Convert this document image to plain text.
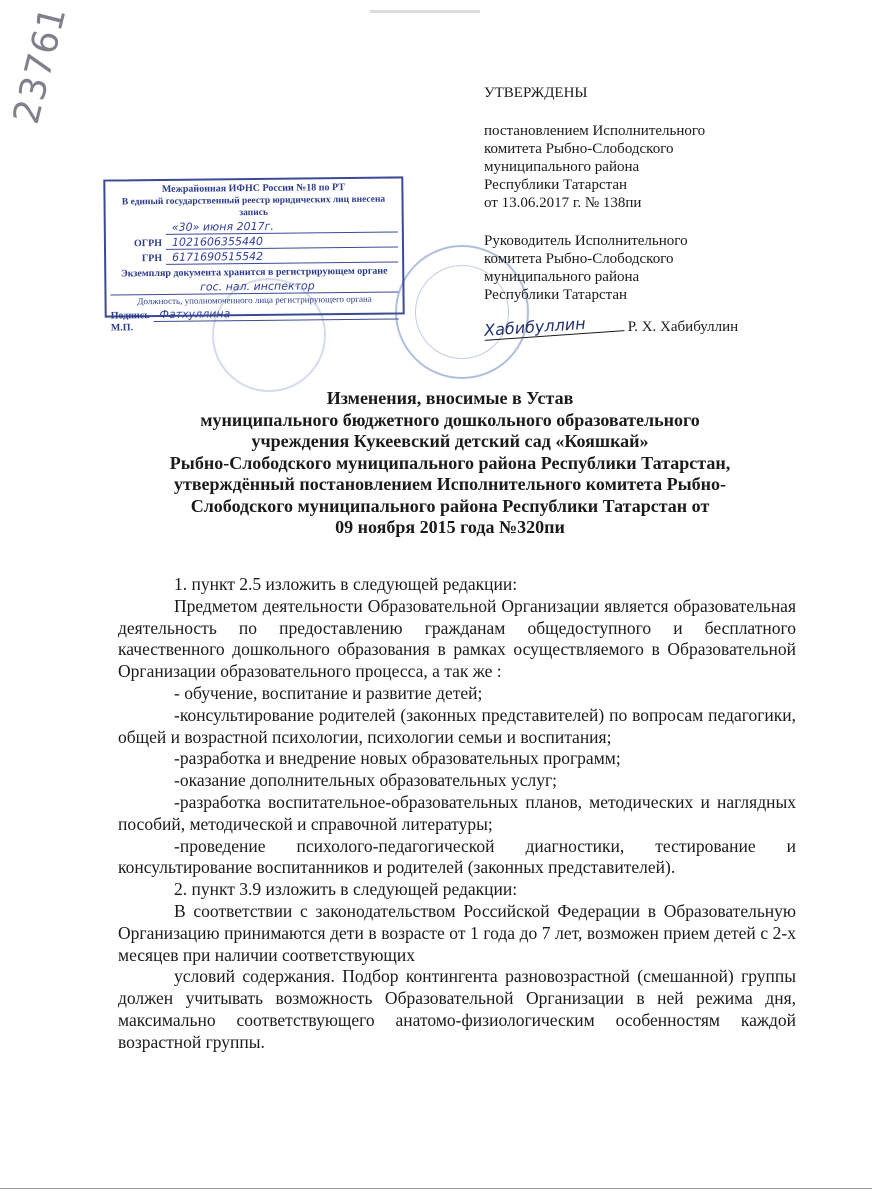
23761
Межрайонная ИФНС России №18 по РТ
В единый государственный реестр юридических лиц внесена запись
«30» июня 2017г.
ОГРН 1021606355440
ГРН 6171690515542
Экземпляр документа хранится в регистрирующем органе
гос. нал. инспектор
Должность, уполномоченного лица регистрирующего органа
Подпись Фатхуллина
М.П.
УТВЕРЖДЕНЫ
постановлением Исполнительного
комитета Рыбно-Слободского
муниципального района
Республики Татарстан
от 13.06.2017 г. № 138пи
Руководитель Исполнительного
комитета Рыбно-Слободского
муниципального района
Республики Татарстан
Хабибуллин	Р. Х. Хабибуллин
Изменения, вносимые в Устав
муниципального бюджетного дошкольного образовательного
учреждения Кукеевский детский сад «Кояшкай»
Рыбно-Слободского муниципального района Республики Татарстан,
утверждённый постановлением Исполнительного комитета Рыбно-
Слободского муниципального района Республики Татарстан от
09 ноября 2015 года №320пи

1. пункт 2.5 изложить в следующей редакции:

Предметом деятельности Образовательной Организации является образовательная деятельность по предоставлению гражданам общедоступного и бесплатного качественного дошкольного образования в рамках осуществляемого в Образовательной Организации образовательного процесса, а так же :

- обучение, воспитание и развитие детей;

-консультирование родителей (законных представителей) по вопросам педагогики, общей и возрастной психологии, психологии семьи и воспитания;

-разработка и внедрение новых образовательных программ;

-оказание дополнительных образовательных услуг;

-разработка воспитательное-образовательных планов, методических и наглядных пособий, методической и справочной литературы;

-проведение психолого-педагогической диагностики, тестирование и консультирование воспитанников и родителей (законных представителей).

2. пункт 3.9 изложить в следующей редакции:

В соответствии с законодательством Российской Федерации в Образовательную Организацию принимаются дети в возрасте от 1 года до 7 лет, возможен прием детей с 2-х месяцев при наличии соответствующих

условий содержания. Подбор контингента разновозрастной (смешанной) группы должен учитывать возможность Образовательной Организации в ней режима дня, максимально соответствующего анатомо-физиологическим особенностям каждой возрастной группы.
